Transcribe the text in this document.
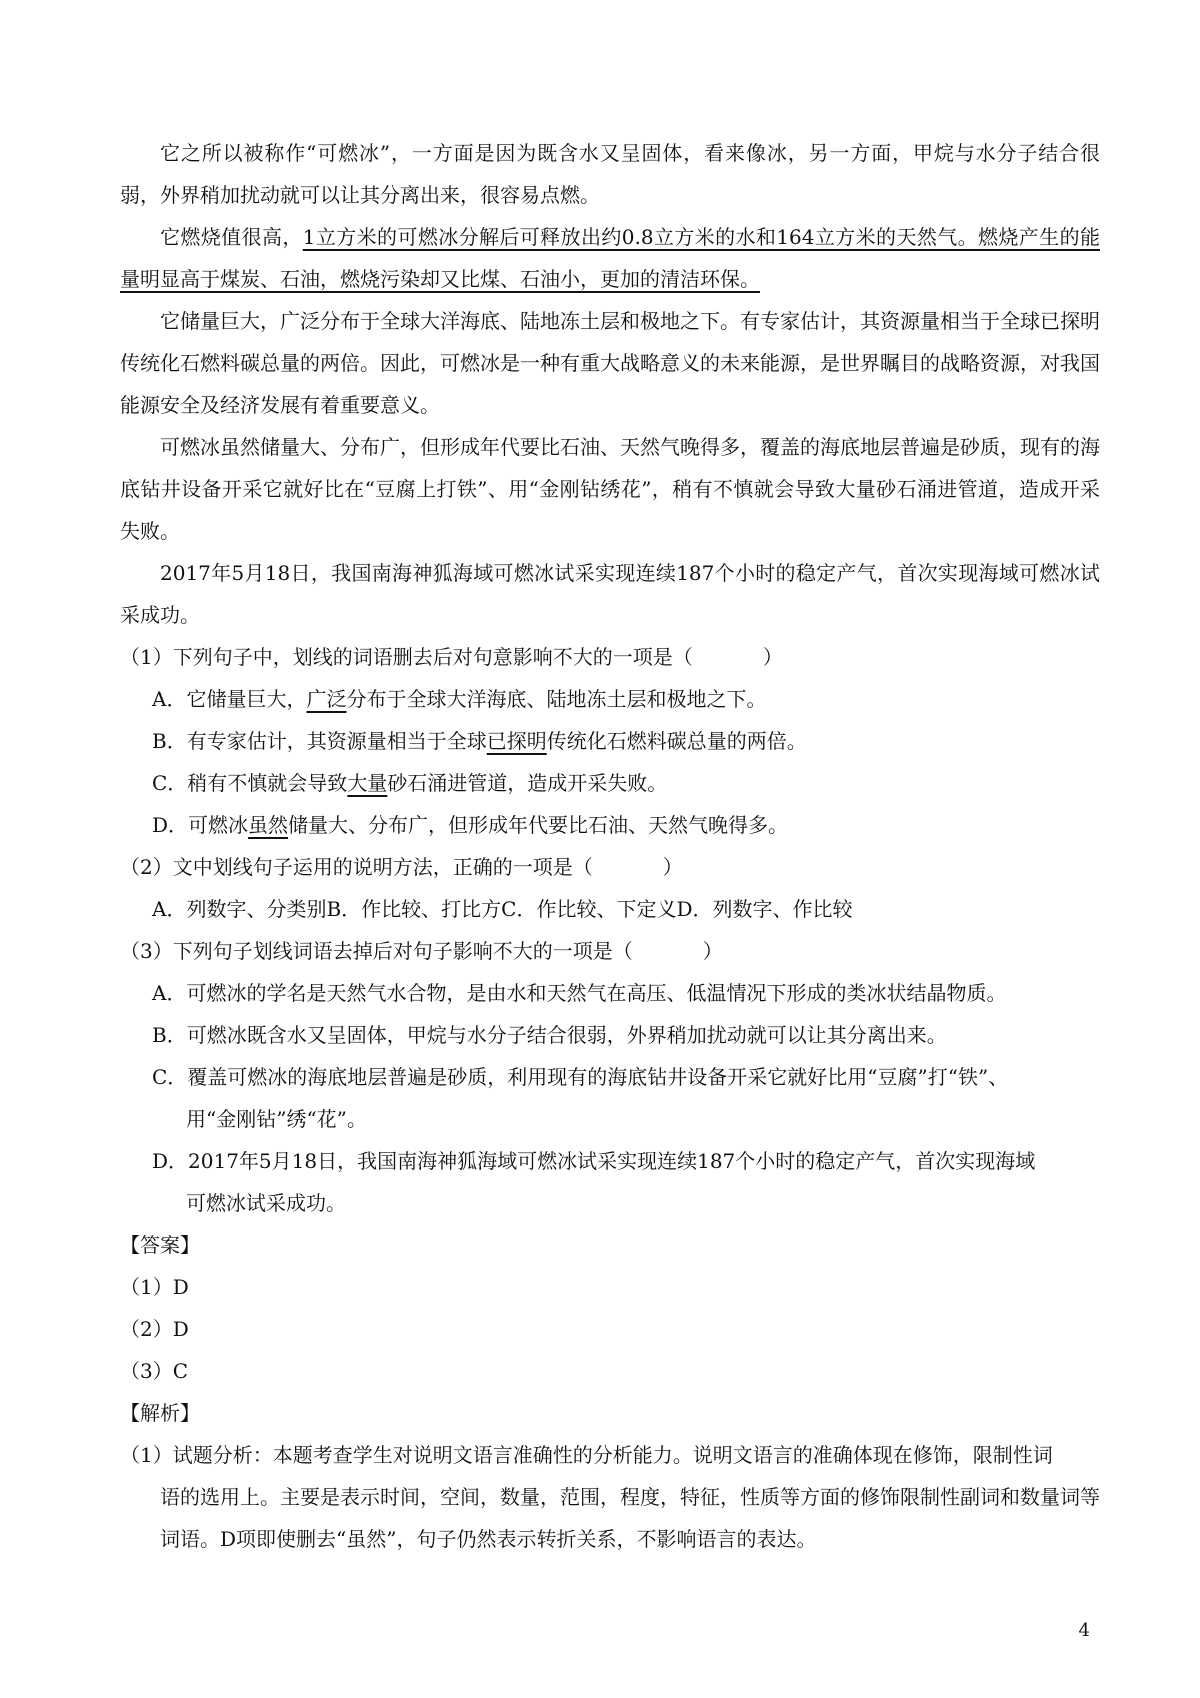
它之所以被称作“可燃冰”，一方面是因为既含水又呈固体，看来像冰，另一方面，甲烷与水分子结合很弱，外界稍加扰动就可以让其分离出来，很容易点燃。

它燃烧值很高，1立方米的可燃冰分解后可释放出约0.8立方米的水和164立方米的天然气。燃烧产生的能量明显高于煤炭、石油，燃烧污染却又比煤、石油小，更加的清洁环保。

它储量巨大，广泛分布于全球大洋海底、陆地冻土层和极地之下。有专家估计，其资源量相当于全球已探明传统化石燃料碳总量的两倍。因此，可燃冰是一种有重大战略意义的未来能源，是世界瞩目的战略资源，对我国能源安全及经济发展有着重要意义。

可燃冰虽然储量大、分布广，但形成年代要比石油、天然气晚得多，覆盖的海底地层普遍是砂质，现有的海底钻井设备开采它就好比在“豆腐上打铁”、用“金刚钻绣花”，稍有不慎就会导致大量砂石涌进管道，造成开采失败。

2017年5月18日，我国南海神狐海域可燃冰试采实现连续187个小时的稳定产气，首次实现海域可燃冰试采成功。

（1）下列句子中，划线的词语删去后对句意影响不大的一项是（	）

A．它储量巨大，广泛分布于全球大洋海底、陆地冻土层和极地之下。

B．有专家估计，其资源量相当于全球已探明传统化石燃料碳总量的两倍。

C．稍有不慎就会导致大量砂石涌进管道，造成开采失败。

D．可燃冰虽然储量大、分布广，但形成年代要比石油、天然气晚得多。

（2）文中划线句子运用的说明方法，正确的一项是（	）

A．列数字、分类别B．作比较、打比方C．作比较、下定义D．列数字、作比较

（3）下列句子划线词语去掉后对句子影响不大的一项是（	）

A．可燃冰的学名是天然气水合物，是由水和天然气在高压、低温情况下形成的类冰状结晶物质。

B．可燃冰既含水又呈固体，甲烷与水分子结合很弱，外界稍加扰动就可以让其分离出来。

C．覆盖可燃冰的海底地层普遍是砂质，利用现有的海底钻井设备开采它就好比用“豆腐”打“铁”、
用“金刚钻”绣“花”。

D．2017年5月18日，我国南海神狐海域可燃冰试采实现连续187个小时的稳定产气，首次实现海域
可燃冰试采成功。

【答案】

（1）D

（2）D

（3）C

【解析】

（1）试题分析：本题考查学生对说明文语言准确性的分析能力。说明文语言的准确体现在修饰，限制性词
语的选用上。主要是表示时间，空间，数量，范围，程度，特征，性质等方面的修饰限制性副词和数量词等词语。D项即使删去“虽然”，句子仍然表示转折关系，不影响语言的表达。

4
